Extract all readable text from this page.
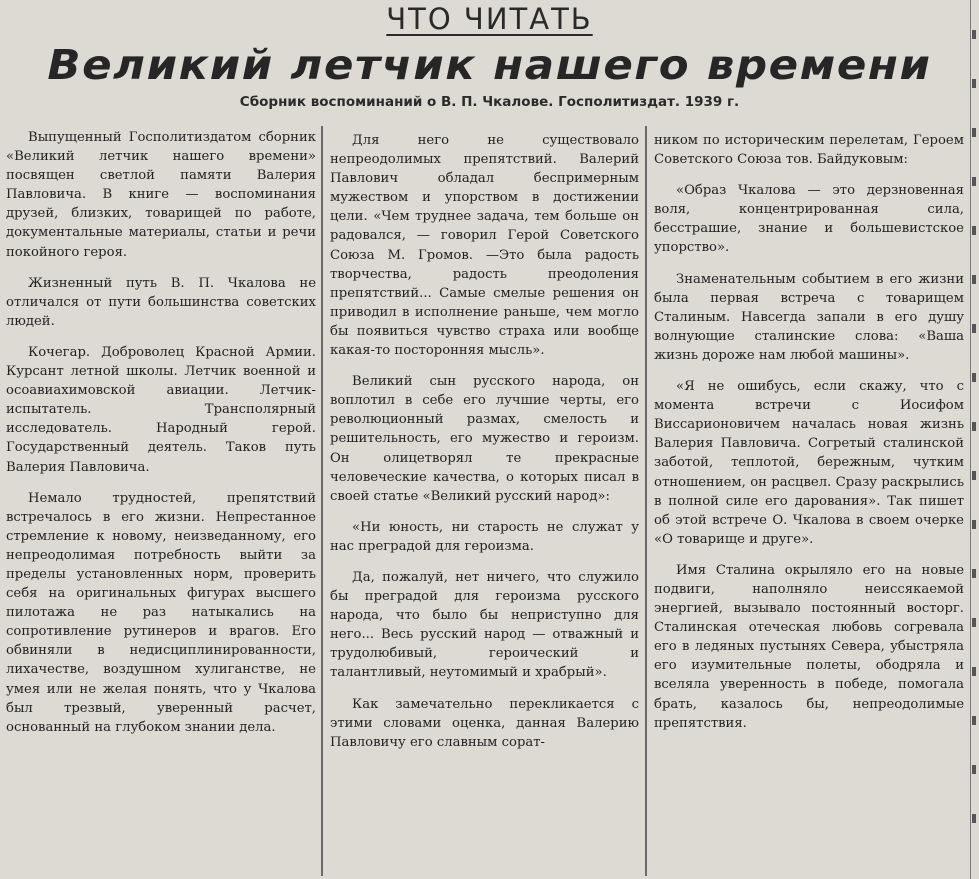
ЧТО ЧИТАТЬ
Великий летчик нашего времени
Сборник воспоминаний о В. П. Чкалове. Госполитиздат. 1939 г.

Выпущенный Госполитиздатом сборник «Великий летчик нашего времени» посвящен светлой памяти Валерия Павловича. В книге — воспоминания друзей, близких, товарищей по работе, документальные материалы, статьи и речи покойного героя.

Жизненный путь В. П. Чкалова не отличался от пути большинства советских людей.

Кочегар. Доброволец Красной Армии. Курсант летной школы. Летчик военной и осоавиахимовской авиации. Летчик-испытатель. Трансполярный исследователь. Народный герой. Государственный деятель. Таков путь Валерия Павловича.

Немало трудностей, препятствий встречалось в его жизни. Непрестанное стремление к новому, неизведанному, его непреодолимая потребность выйти за пределы установленных норм, проверить себя на оригинальных фигурах высшего пилотажа не раз натыкались на сопротивление рутинеров и врагов. Его обвиняли в недисциплинированности, лихачестве, воздушном хулиганстве, не умея или не желая понять, что у Чкалова был трезвый, уверенный расчет, основанный на глубоком знании дела.

Для него не существовало непреодолимых препятствий. Валерий Павлович обладал беспримерным мужеством и упорством в достижении цели. «Чем труднее задача, тем больше он радовался, — говорил Герой Советского Союза М. Громов. —Это была радость творчества, радость преодоления препятствий... Самые смелые решения он приводил в исполнение раньше, чем могло бы появиться чувство страха или вообще какая-то посторонняя мысль».

Великий сын русского народа, он воплотил в себе его лучшие черты, его революционный размах, смелость и решительность, его мужество и героизм. Он олицетворял те прекрасные человеческие качества, о которых писал в своей статье «Великий русский народ»:

«Ни юность, ни старость не служат у нас преградой для героизма.

Да, пожалуй, нет ничего, что служило бы преградой для героизма русского народа, что было бы неприступно для него... Весь русский народ — отважный и трудолюбивый, героический и талантливый, неутомимый и храбрый».

Как замечательно перекликается с этими словами оценка, данная Валерию Павловичу его славным сорат-

ником по историческим перелетам, Героем Советского Союза тов. Байдуковым:

«Образ Чкалова — это дерзновенная воля, концентрированная сила, бесстрашие, знание и большевистское упорство».

Знаменательным событием в его жизни была первая встреча с товарищем Сталиным. Навсегда запали в его душу волнующие сталинские слова: «Ваша жизнь дороже нам любой машины».

«Я не ошибусь, если скажу, что с момента встречи с Иосифом Виссарионовичем началась новая жизнь Валерия Павловича. Согретый сталинской заботой, теплотой, бережным, чутким отношением, он расцвел. Сразу раскрылись в полной силе его дарования». Так пишет об этой встрече О. Чкалова в своем очерке «О товарище и друге».

Имя Сталина окрыляло его на новые подвиги, наполняло неиссякаемой энергией, вызывало постоянный восторг. Сталинская отеческая любовь согревала его в ледяных пустынях Севера, убыстряла его изумительные полеты, ободряла и вселяла уверенность в победе, помогала брать, казалось бы, непреодолимые препятствия.
